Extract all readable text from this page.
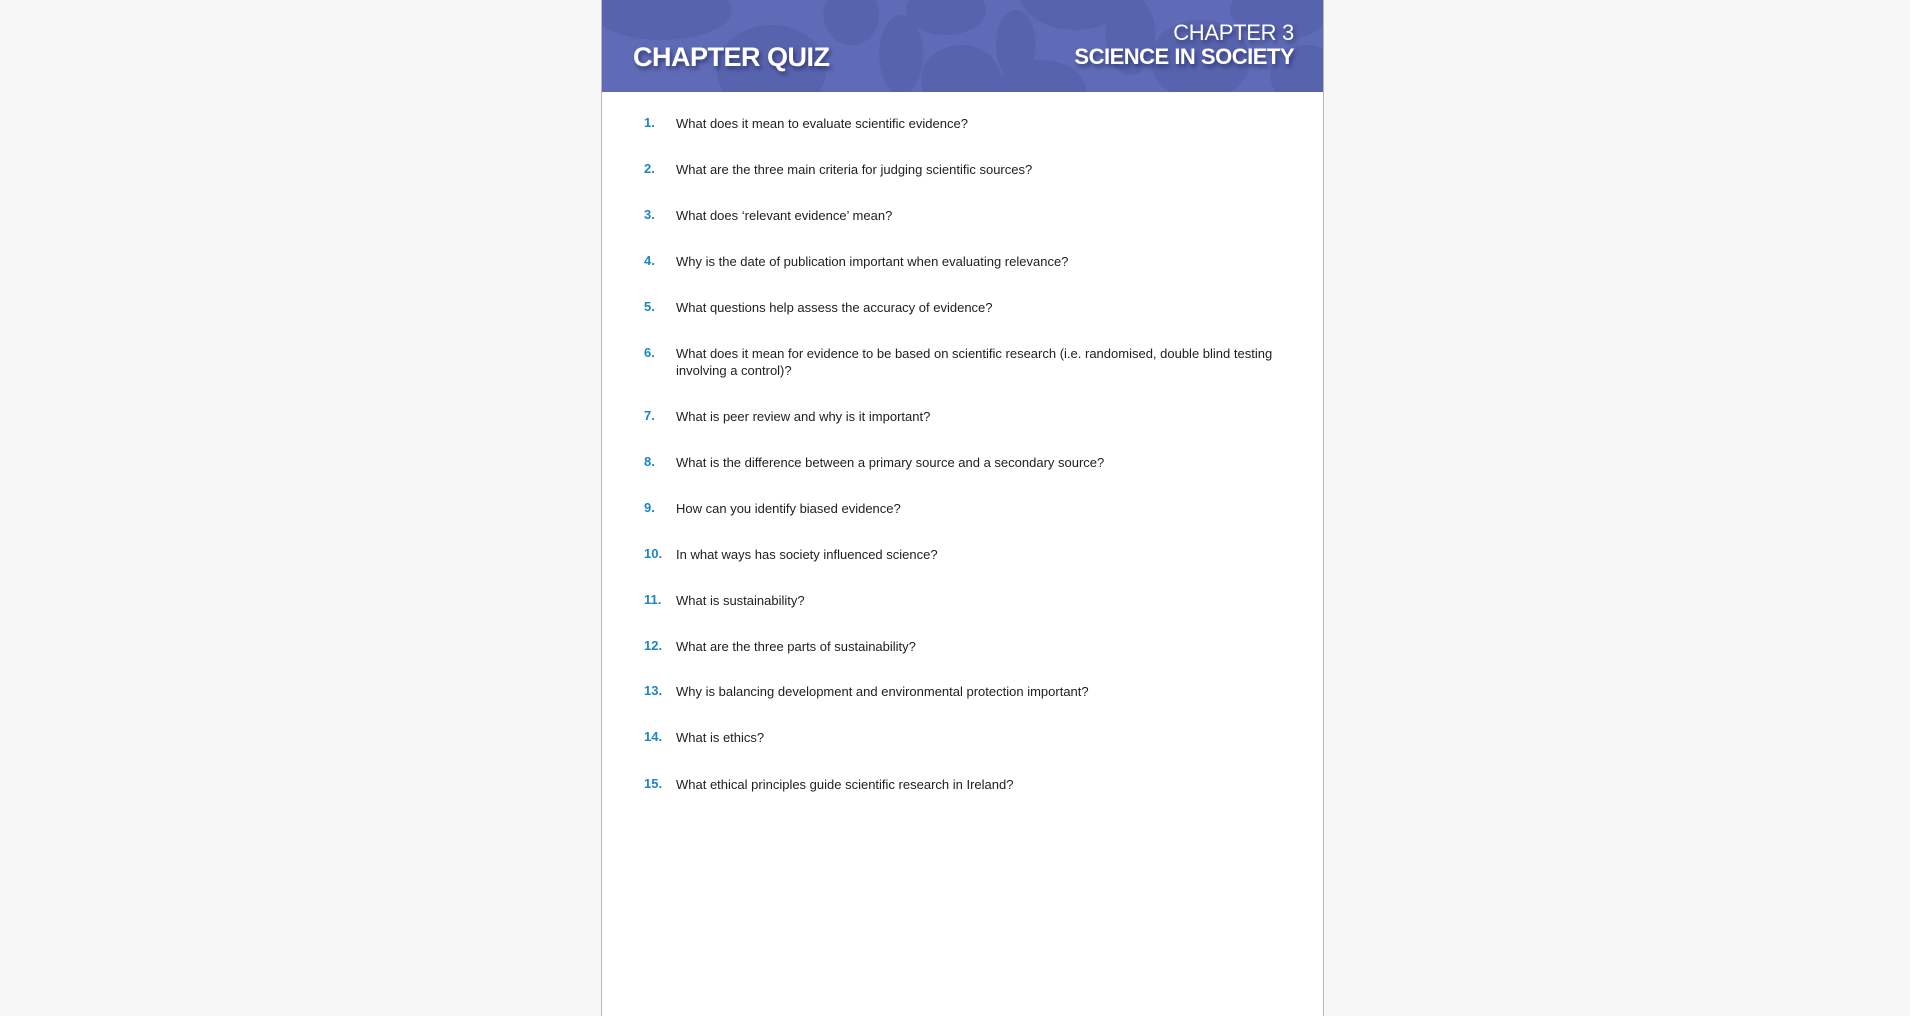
CHAPTER QUIZ
CHAPTER 3
SCIENCE IN SOCIETY
1. What does it mean to evaluate scientific evidence?
2. What are the three main criteria for judging scientific sources?
3. What does ‘relevant evidence’ mean?
4. Why is the date of publication important when evaluating relevance?
5. What questions help assess the accuracy of evidence?
6. What does it mean for evidence to be based on scientific research (i.e. randomised, double blind testing involving a control)?
7. What is peer review and why is it important?
8. What is the difference between a primary source and a secondary source?
9. How can you identify biased evidence?
10. In what ways has society influenced science?
11. What is sustainability?
12. What are the three parts of sustainability?
13. Why is balancing development and environmental protection important?
14. What is ethics?
15. What ethical principles guide scientific research in Ireland?
